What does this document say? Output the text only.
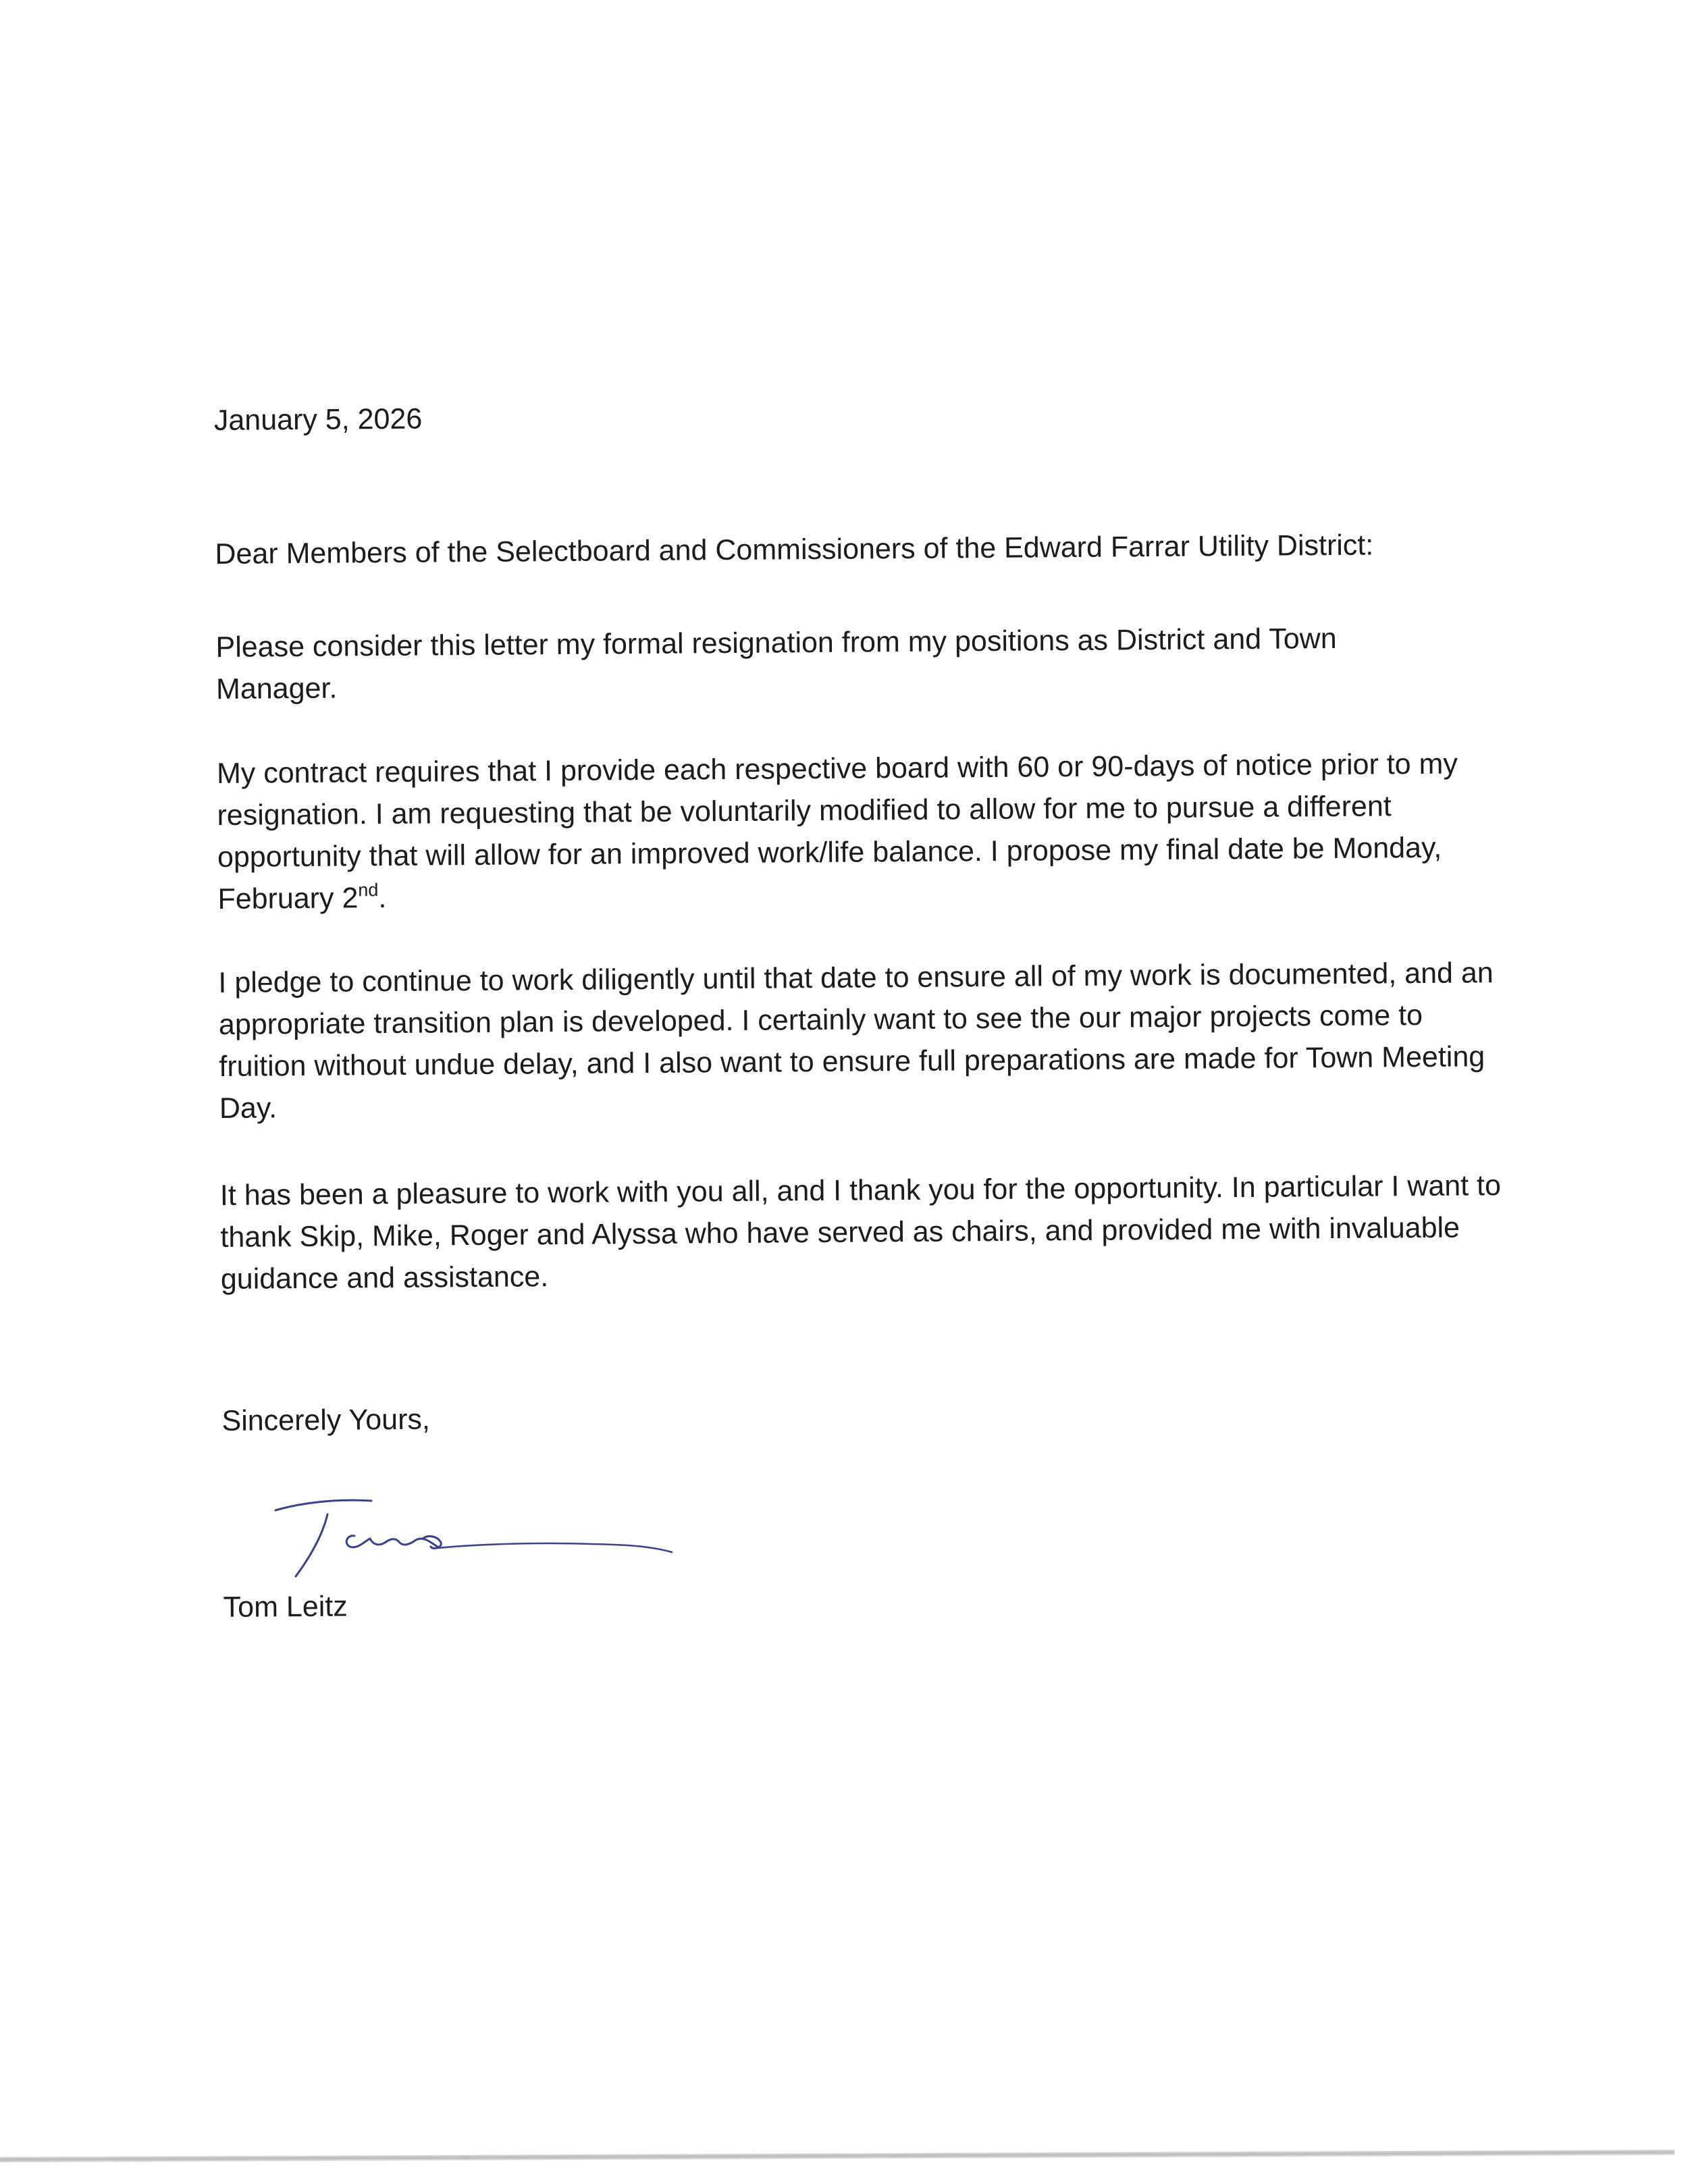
January 5, 2026

Dear Members of the Selectboard and Commissioners of the Edward Farrar Utility District:

Please consider this letter my formal resignation from my positions as District and Town Manager.

My contract requires that I provide each respective board with 60 or 90-days of notice prior to my resignation. I am requesting that be voluntarily modified to allow for me to pursue a different opportunity that will allow for an improved work/life balance. I propose my final date be Monday, February 2nd.

I pledge to continue to work diligently until that date to ensure all of my work is documented, and an appropriate transition plan is developed. I certainly want to see the our major projects come to fruition without undue delay, and I also want to ensure full preparations are made for Town Meeting Day.

It has been a pleasure to work with you all, and I thank you for the opportunity. In particular I want to thank Skip, Mike, Roger and Alyssa who have served as chairs, and provided me with invaluable guidance and assistance.

Sincerely Yours,

Tom Leitz
